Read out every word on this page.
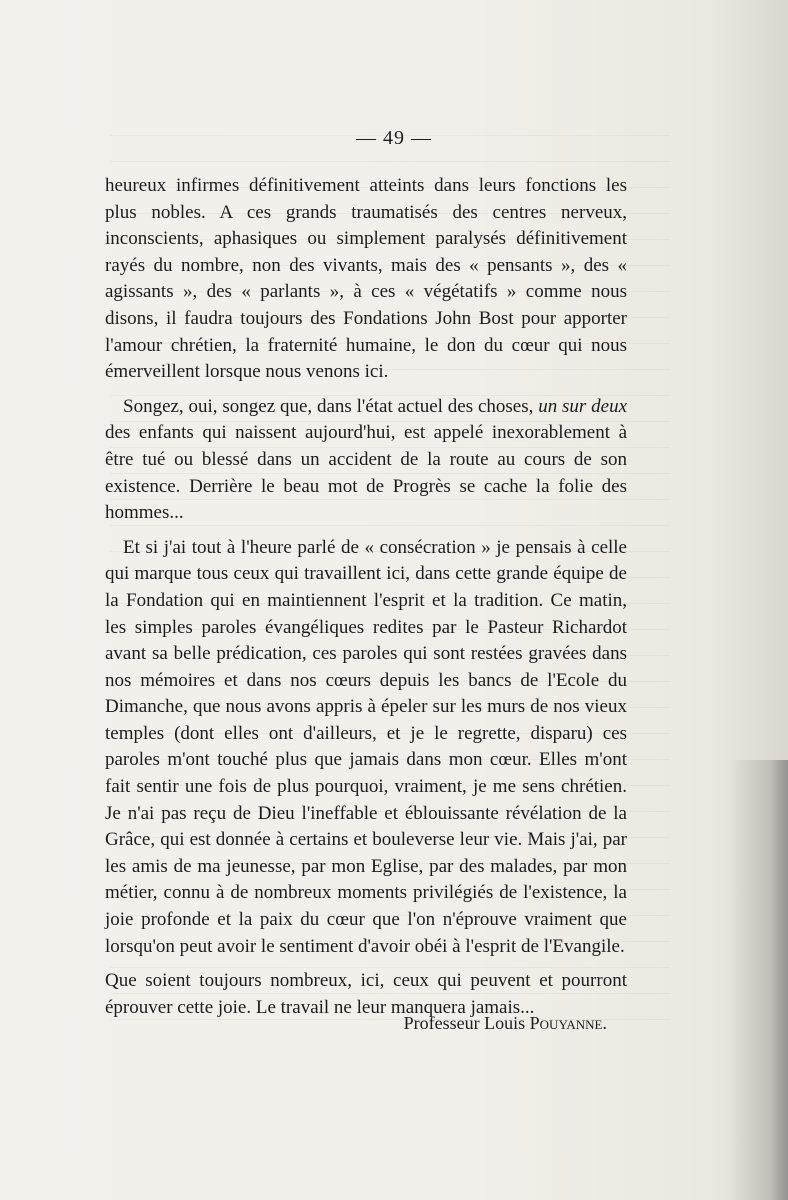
— 49 —

heureux infirmes définitivement atteints dans leurs fonctions les plus nobles. A ces grands traumatisés des centres nerveux, inconscients, aphasiques ou simplement paralysés définitivement rayés du nombre, non des vivants, mais des « pensants », des « agissants », des « parlants », à ces « végétatifs » comme nous disons, il faudra toujours des Fondations John Bost pour apporter l'amour chrétien, la fraternité humaine, le don du cœur qui nous émerveillent lorsque nous venons ici.

Songez, oui, songez que, dans l'état actuel des choses, un sur deux des enfants qui naissent aujourd'hui, est appelé inexorablement à être tué ou blessé dans un accident de la route au cours de son existence. Derrière le beau mot de Progrès se cache la folie des hommes...

Et si j'ai tout à l'heure parlé de « consécration » je pensais à celle qui marque tous ceux qui travaillent ici, dans cette grande équipe de la Fondation qui en maintiennent l'esprit et la tradition. Ce matin, les simples paroles évangéliques redites par le Pasteur Richardot avant sa belle prédication, ces paroles qui sont restées gravées dans nos mémoires et dans nos cœurs depuis les bancs de l'Ecole du Dimanche, que nous avons appris à épeler sur les murs de nos vieux temples (dont elles ont d'ailleurs, et je le regrette, disparu) ces paroles m'ont touché plus que jamais dans mon cœur. Elles m'ont fait sentir une fois de plus pourquoi, vraiment, je me sens chrétien. Je n'ai pas reçu de Dieu l'ineffable et éblouissante révélation de la Grâce, qui est donnée à certains et bouleverse leur vie. Mais j'ai, par les amis de ma jeunesse, par mon Eglise, par des malades, par mon métier, connu à de nombreux moments privilégiés de l'existence, la joie profonde et la paix du cœur que l'on n'éprouve vraiment que lorsqu'on peut avoir le sentiment d'avoir obéi à l'esprit de l'Evangile.

Que soient toujours nombreux, ici, ceux qui peuvent et pourront éprouver cette joie. Le travail ne leur manquera jamais...

Professeur Louis Pouyanne.
